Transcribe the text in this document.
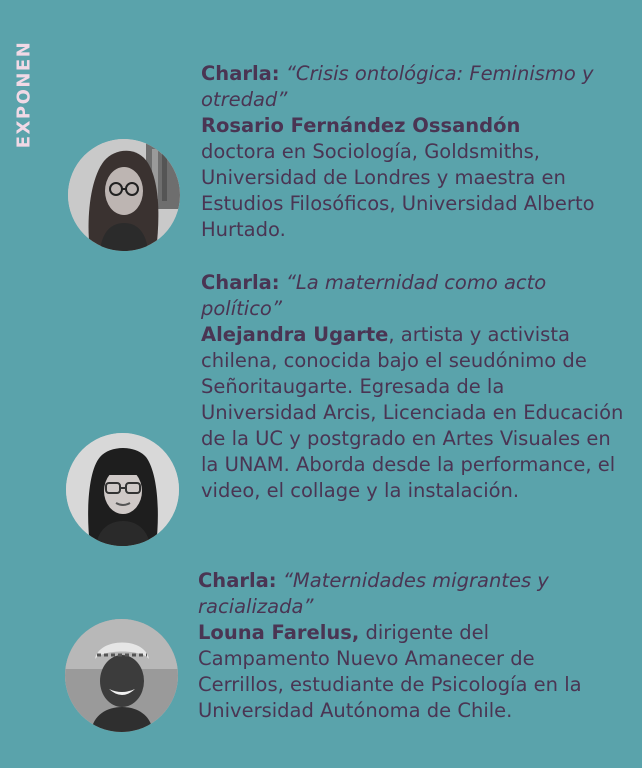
EXPONEN	Charla: “Crisis ontológica: Feminismo y otredad”

Rosario Fernández Ossandón
doctora en Sociología, Goldsmiths, Universidad de Londres y maestra en Estudios Filosóficos, Universidad Alberto Hurtado.

Charla: “La maternidad como acto político”

Alejandra Ugarte, artista y activista chilena, conocida bajo el seudónimo de Señoritaugarte. Egresada de la Universidad Arcis, Licenciada en Educación de la UC y postgrado en Artes Visuales en la UNAM. Aborda desde la performance, el video, el collage y la instalación.

Charla: “Maternidades migrantes y racializada”

Louna Farelus, dirigente del Campamento Nuevo Amanecer de Cerrillos, estudiante de Psicología en la Universidad Autónoma de Chile.
